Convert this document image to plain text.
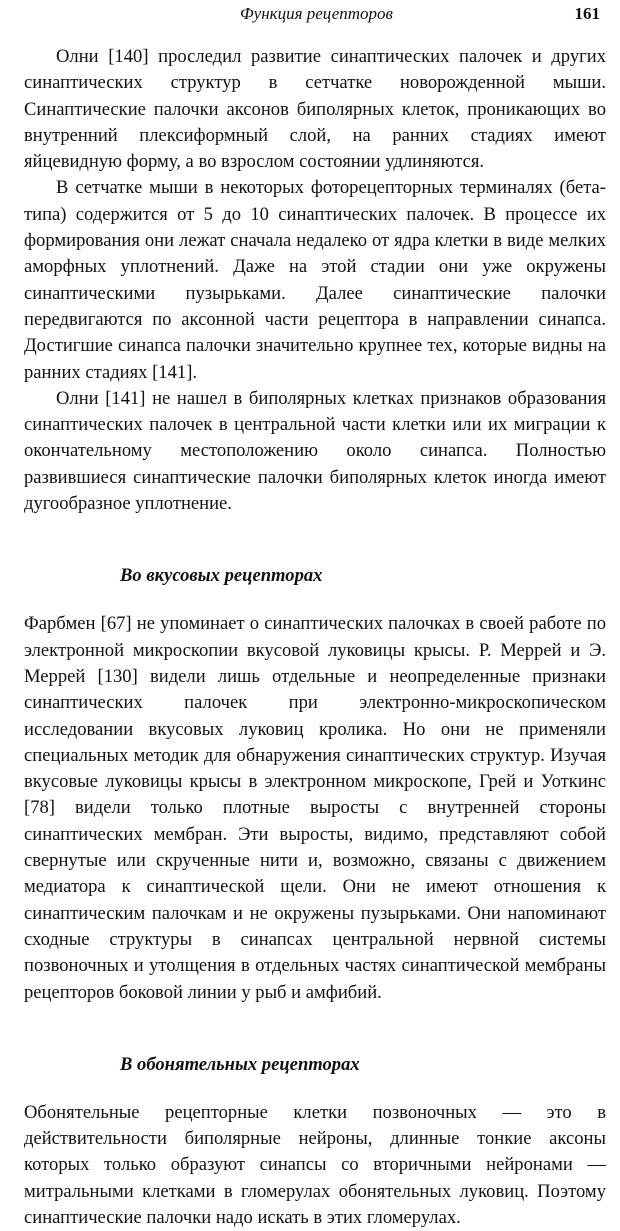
Функция рецепторов	161

Олни [140] проследил развитие синаптических палочек и других синаптических структур в сетчатке новорожденной мыши. Синаптические палочки аксонов биполярных клеток, проникающих во внутренний плексиформный слой, на ранних стадиях имеют яйцевидную форму, а во взрослом состоянии удлиняются.

В сетчатке мыши в некоторых фоторецепторных терминалях (бета-типа) содержится от 5 до 10 синаптических палочек. В процессе их формирования они лежат сначала недалеко от ядра клетки в виде мелких аморфных уплотнений. Даже на этой стадии они уже окружены синаптическими пузырьками. Далее синаптические палочки передвигаются по аксонной части рецептора в направлении синапса. Достигшие синапса палочки значительно крупнее тех, которые видны на ранних стадиях [141].

Олни [141] не нашел в биполярных клетках признаков образования синаптических палочек в центральной части клетки или их миграции к окончательному местоположению около синапса. Полностью развившиеся синаптические палочки биполярных клеток иногда имеют дугообразное уплотнение.

Во вкусовых рецепторах

Фарбмен [67] не упоминает о синаптических палочках в своей работе по электронной микроскопии вкусовой луковицы крысы. Р. Меррей и Э. Меррей [130] видели лишь отдельные и неопределенные признаки синаптических палочек при электронно-микроскопическом исследовании вкусовых луковиц кролика. Но они не применяли специальных методик для обнаружения синаптических структур. Изучая вкусовые луковицы крысы в электронном микроскопе, Грей и Уоткинс [78] видели только плотные выросты с внутренней стороны синаптических мембран. Эти выросты, видимо, представляют собой свернутые или скрученные нити и, возможно, связаны с движением медиатора к синаптической щели. Они не имеют отношения к синаптическим палочкам и не окружены пузырьками. Они напоминают сходные структуры в синапсах центральной нервной системы позвоночных и утолщения в отдельных частях синаптической мембраны рецепторов боковой линии у рыб и амфибий.

В обонятельных рецепторах

Обонятельные рецепторные клетки позвоночных — это в действительности биполярные нейроны, длинные тонкие аксоны которых только образуют синапсы со вторичными нейронами — митральными клетками в гломерулах обонятельных луковиц. Поэтому синаптические палочки надо искать в этих гломерулах.
